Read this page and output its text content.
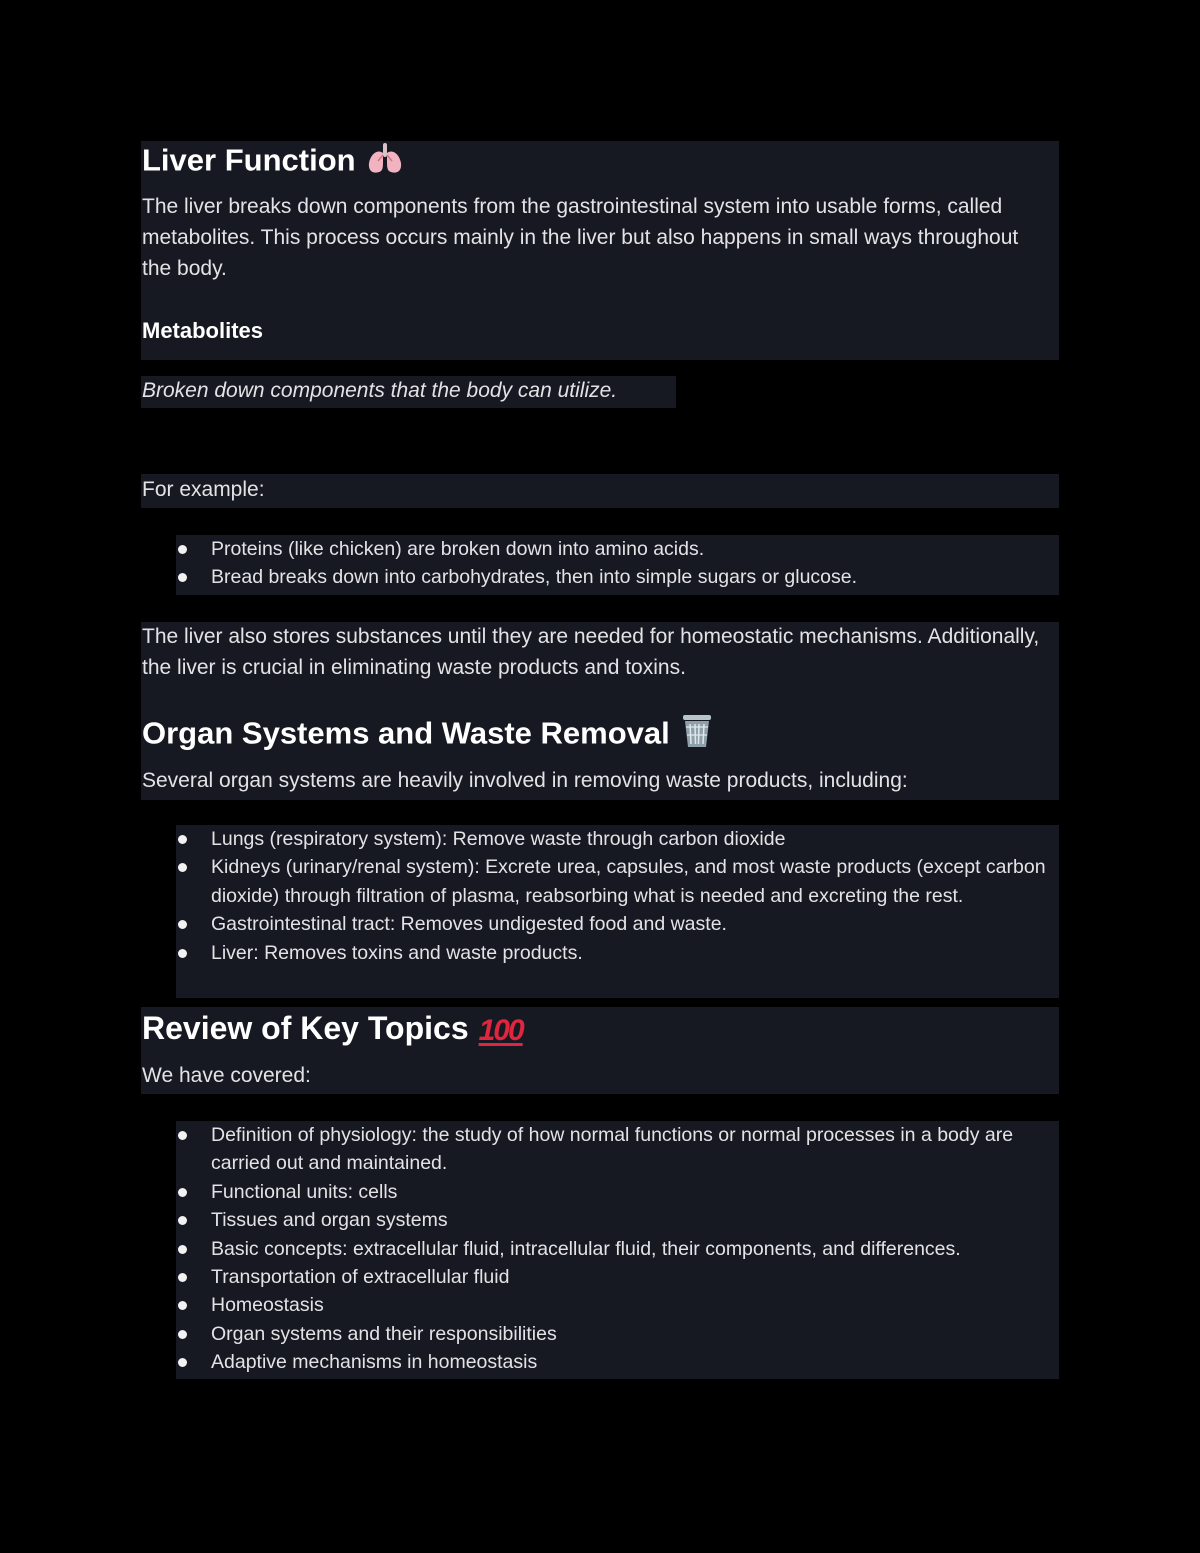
Liver Function

The liver breaks down components from the gastrointestinal system into usable forms, called metabolites. This process occurs mainly in the liver but also happens in small ways throughout the body.

Metabolites

Broken down components that the body can utilize.

For example:

Proteins (like chicken) are broken down into amino acids.
Bread breaks down into carbohydrates, then into simple sugars or glucose.

The liver also stores substances until they are needed for homeostatic mechanisms. Additionally, the liver is crucial in eliminating waste products and toxins.

Organ Systems and Waste Removal

Several organ systems are heavily involved in removing waste products, including:

Lungs (respiratory system): Remove waste through carbon dioxide
Kidneys (urinary/renal system): Excrete urea, capsules, and most waste products (except carbon dioxide) through filtration of plasma, reabsorbing what is needed and excreting the rest.
Gastrointestinal tract: Removes undigested food and waste.
Liver: Removes toxins and waste products.
Review of Key Topics 100

We have covered:

Definition of physiology: the study of how normal functions or normal processes in a body are carried out and maintained.
Functional units: cells
Tissues and organ systems
Basic concepts: extracellular fluid, intracellular fluid, their components, and differences.
Transportation of extracellular fluid
Homeostasis
Organ systems and their responsibilities
Adaptive mechanisms in homeostasis
